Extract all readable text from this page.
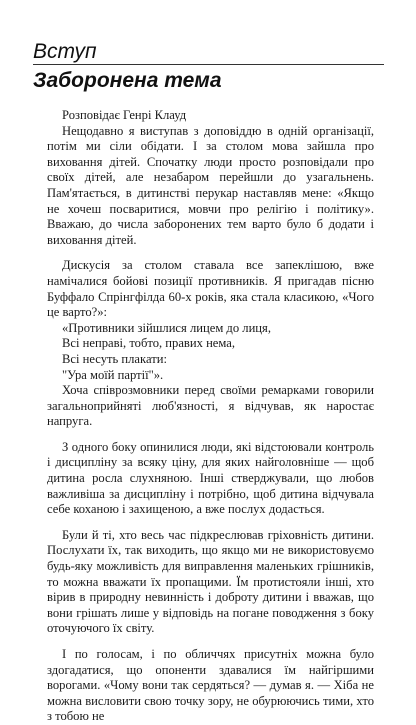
Вступ
Заборонена тема

Розповідає Генрі Клауд

Нещодавно я виступав з доповіддю в одній організації, потім ми сіли обідати. І за столом мова зайшла про виховання дітей. Спочатку люди просто розповідали про своїх дітей, але незабаром перейшли до узагальнень. Пам'ятається, в дитинстві перукар наставляв мене: «Якщо не хочеш посваритися, мовчи про релігію і політику». Вважаю, до числа заборонених тем варто було б додати і виховання дітей.

Дискусія за столом ставала все запеклішою, вже намічалися бойові позиції противників. Я пригадав пісню Буффало Спрінгфілда 60-х років, яка стала класикою, «Чого це варто?»:

«Противники зійшлися лицем до лиця,

Всі неправі, тобто, правих нема,

Всі несуть плакати:

"Ура моїй партії"».

Хоча співрозмовники перед своїми ремарками говорили загальноприйняті люб'язності, я відчував, як наростає напруга.

З одного боку опинилися люди, які відстоювали контроль і дисципліну за всяку ціну, для яких найголовніше — щоб дитина росла слухняною. Інші стверджували, що любов важливіша за дисципліну і потрібно, щоб дитина відчувала себе коханою і захищеною, а вже послух додасться.

Були й ті, хто весь час підкреслював гріховність дитини. Послухати їх, так виходить, що якщо ми не використовуємо будь-яку можливість для виправлення маленьких грішників, то можна вважати їх пропащими. Їм протистояли інші, хто вірив в природну невинність і доброту дитини і вважав, що вони грішать лише у відповідь на погане поводження з боку оточуючого їх світу.

І по голосам, і по обличчях присутніх можна було здогадатися, що опоненти здавалися їм найгіршими ворогами. «Чому вони так сердяться? — думав я. — Хіба не можна висловити свою точку зору, не обурюючись тими, хто з тобою не
